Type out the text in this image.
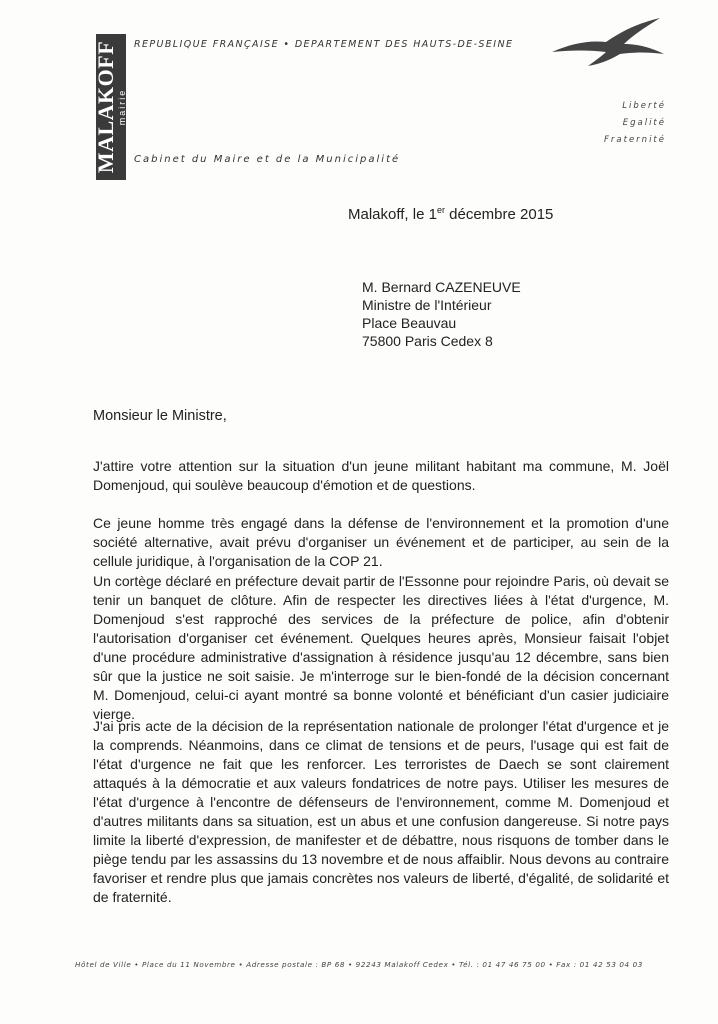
MALAKOFF mairie
REPUBLIQUE FRANÇAISE • DEPARTEMENT DES HAUTS-DE-SEINE
Cabinet du Maire et de la Municipalité
Liberté
Egalité
Fraternité
Malakoff, le 1er décembre 2015
M. Bernard CAZENEUVE
Ministre de l'Intérieur
Place Beauvau
75800 Paris Cedex 8
Monsieur le Ministre,
J'attire votre attention sur la situation d'un jeune militant habitant ma commune, M. Joël Domenjoud, qui soulève beaucoup d'émotion et de questions.
Ce jeune homme très engagé dans la défense de l'environnement et la promotion d'une société alternative, avait prévu d'organiser un événement et de participer, au sein de la cellule juridique, à l'organisation de la COP 21.
Un cortège déclaré en préfecture devait partir de l'Essonne pour rejoindre Paris, où devait se tenir un banquet de clôture. Afin de respecter les directives liées à l'état d'urgence, M. Domenjoud s'est rapproché des services de la préfecture de police, afin d'obtenir l'autorisation d'organiser cet événement. Quelques heures après, Monsieur faisait l'objet d'une procédure administrative d'assignation à résidence jusqu'au 12 décembre, sans bien sûr que la justice ne soit saisie. Je m'interroge sur le bien-fondé de la décision concernant M. Domenjoud, celui-ci ayant montré sa bonne volonté et bénéficiant d'un casier judiciaire vierge.
J'ai pris acte de la décision de la représentation nationale de prolonger l'état d'urgence et je la comprends. Néanmoins, dans ce climat de tensions et de peurs, l'usage qui est fait de l'état d'urgence ne fait que les renforcer. Les terroristes de Daech se sont clairement attaqués à la démocratie et aux valeurs fondatrices de notre pays. Utiliser les mesures de l'état d'urgence à l'encontre de défenseurs de l'environnement, comme M. Domenjoud et d'autres militants dans sa situation, est un abus et une confusion dangereuse. Si notre pays limite la liberté d'expression, de manifester et de débattre, nous risquons de tomber dans le piège tendu par les assassins du 13 novembre et de nous affaiblir. Nous devons au contraire favoriser et rendre plus que jamais concrètes nos valeurs de liberté, d'égalité, de solidarité et de fraternité.
Hôtel de Ville • Place du 11 Novembre • Adresse postale : BP 68 • 92243 Malakoff Cedex • Tél. : 01 47 46 75 00 • Fax : 01 42 53 04 03
